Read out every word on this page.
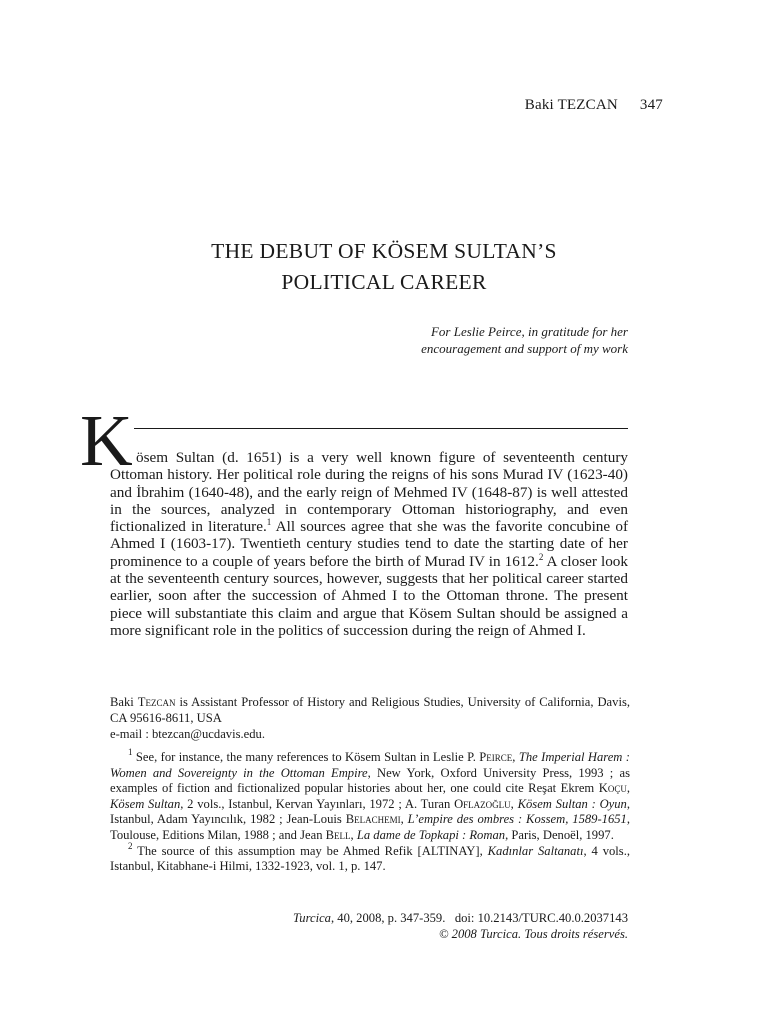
Baki TEZCAN 347
THE DEBUT OF KÖSEM SULTAN’S
POLITICAL CAREER
For Leslie Peirce, in gratitude for her
encouragement and support of my work
K ösem Sultan (d. 1651) is a very well known figure of seventeenth century Ottoman history. Her political role during the reigns of his sons Murad IV (1623-40) and İbrahim (1640-48), and the early reign of Mehmed IV (1648-87) is well attested in the sources, analyzed in contemporary Ottoman historiography, and even fictionalized in literature.$^1$ All sources agree that she was the favorite concubine of Ahmed I (1603-17). Twentieth century studies tend to date the starting date of her prominence to a couple of years before the birth of Murad IV in 1612.$^2$ A closer look at the seventeenth century sources, however, suggests that her political career started earlier, soon after the succession of Ahmed I to the Ottoman throne. The present piece will substantiate this claim and argue that Kösem Sultan should be assigned a more significant role in the politics of succession during the reign of Ahmed I.
Baki Tezcan is Assistant Professor of History and Religious Studies, University of California, Davis, CA 95616-8611, USA
e-mail : btezcan@ucdavis.edu.

$^1$ See, for instance, the many references to Kösem Sultan in Leslie P. Peirce, The Imperial Harem : Women and Sovereignty in the Ottoman Empire, New York, Oxford University Press, 1993 ; as examples of fiction and fictionalized popular histories about her, one could cite Reşat Ekrem Koçu, Kösem Sultan, 2 vols., Istanbul, Kervan Yayınları, 1972 ; A. Turan Oflazoğlu, Kösem Sultan : Oyun, Istanbul, Adam Yayıncılık, 1982 ; Jean-Louis Belachemi, L’empire des ombres : Kossem, 1589-1651, Toulouse, Editions Milan, 1988 ; and Jean Bell, La dame de Topkapi : Roman, Paris, Denoël, 1997.

$^2$ The source of this assumption may be Ahmed Refik [ALTINAY], Kadınlar Saltanatı, 4 vols., Istanbul, Kitabhane-i Hilmi, 1332-1923, vol. 1, p. 147.

Turcica, 40, 2008, p. 347-359. doi: 10.2143/TURC.40.0.2037143
© 2008 Turcica. Tous droits réservés.
